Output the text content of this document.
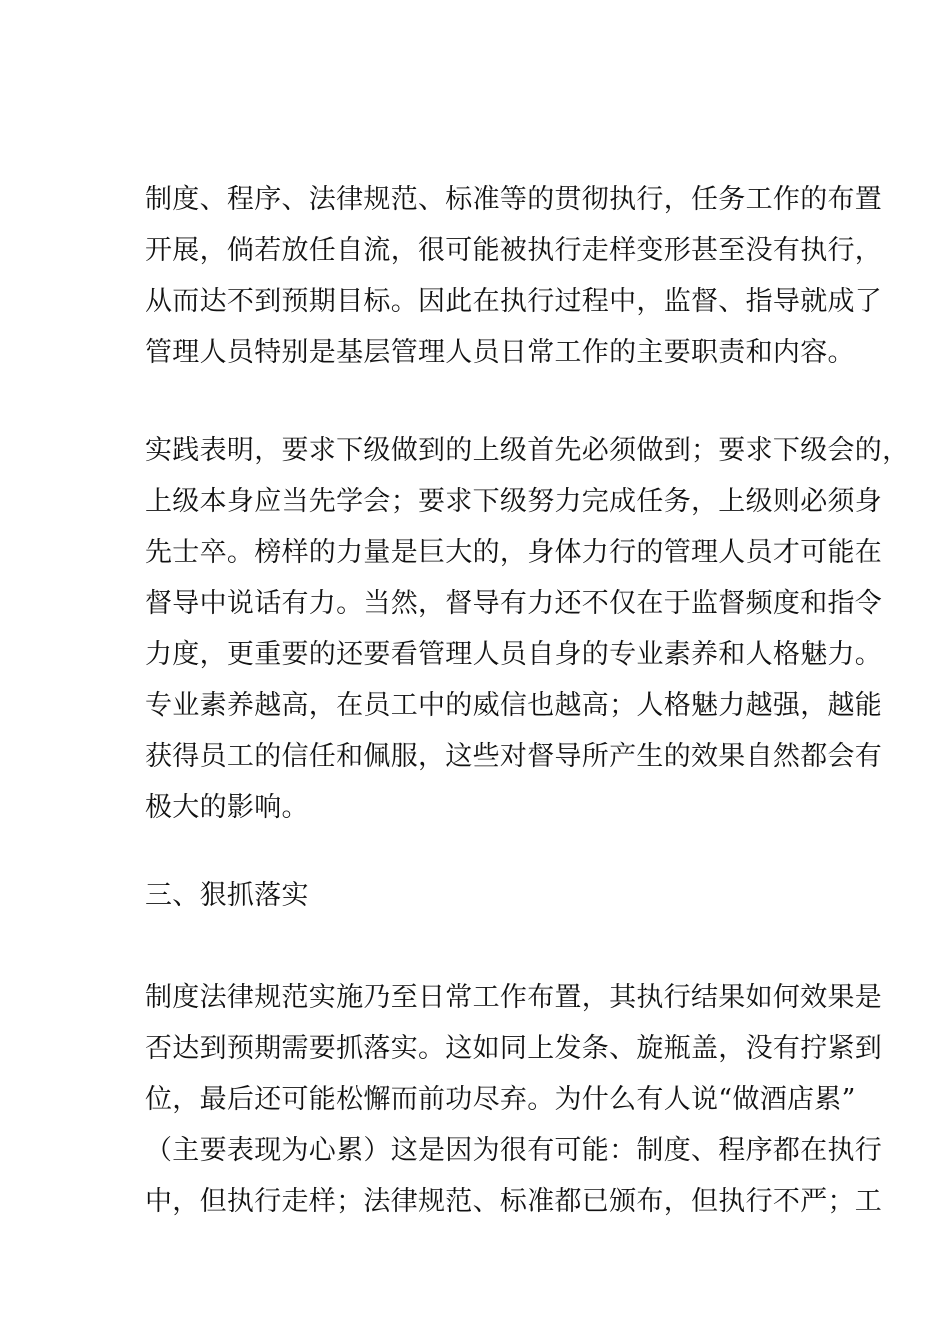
制度、程序、法律规范、标准等的贯彻执行，任务工作的布置
开展，倘若放任自流，很可能被执行走样变形甚至没有执行，
从而达不到预期目标。因此在执行过程中，监督、指导就成了
管理人员特别是基层管理人员日常工作的主要职责和内容。
实践表明，要求下级做到的上级首先必须做到；要求下级会的，
上级本身应当先学会；要求下级努力完成任务，上级则必须身
先士卒。榜样的力量是巨大的，身体力行的管理人员才可能在
督导中说话有力。当然，督导有力还不仅在于监督频度和指令
力度，更重要的还要看管理人员自身的专业素养和人格魅力。
专业素养越高，在员工中的威信也越高；人格魅力越强，越能
获得员工的信任和佩服，这些对督导所产生的效果自然都会有
极大的影响。
三、狠抓落实
制度法律规范实施乃至日常工作布置，其执行结果如何效果是
否达到预期需要抓落实。这如同上发条、旋瓶盖，没有拧紧到
位，最后还可能松懈而前功尽弃。为什么有人说“做酒店累”
（主要表现为心累）这是因为很有可能：制度、程序都在执行
中，但执行走样；法律规范、标准都已颁布，但执行不严；工
